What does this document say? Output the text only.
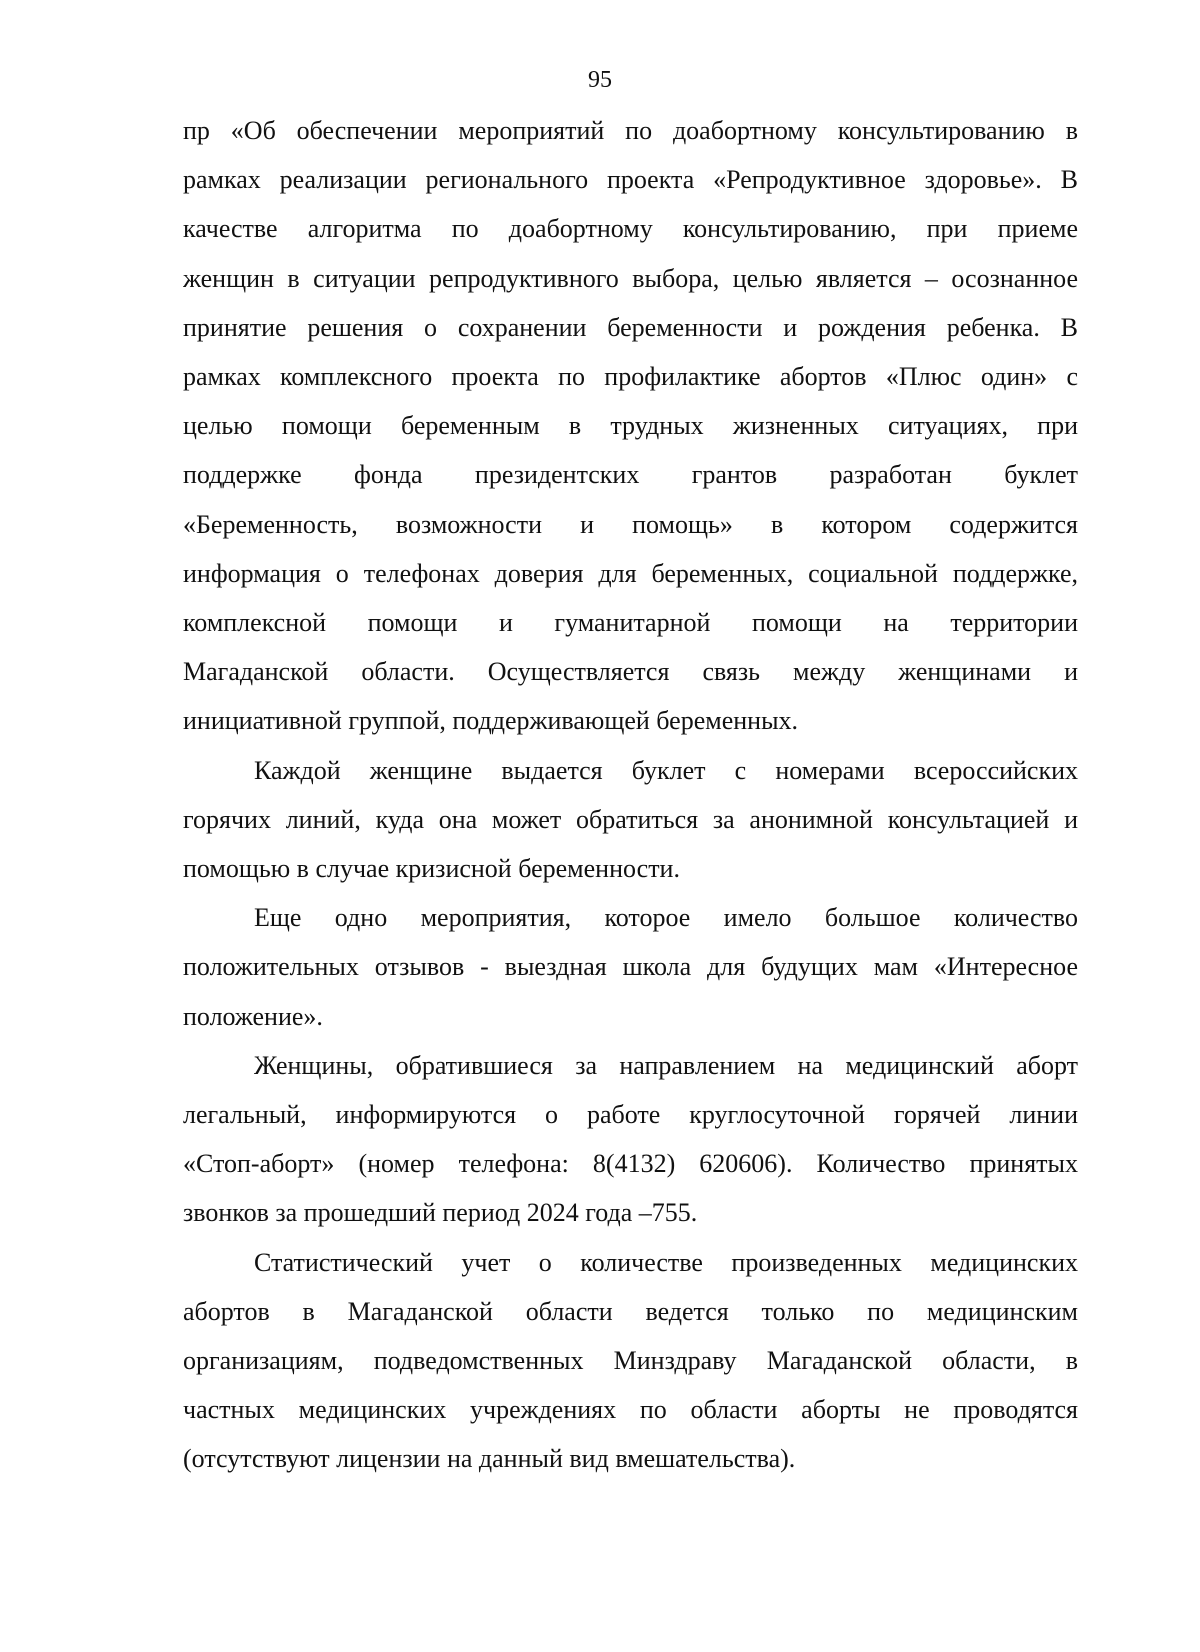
95
пр «Об обеспечении мероприятий по доабортному консультированию в
рамках реализации регионального проекта «Репродуктивное здоровье». В
качестве алгоритма по доабортному консультированию, при приеме
женщин в ситуации репродуктивного выбора, целью является – осознанное
принятие решения о сохранении беременности и рождения ребенка. В
рамках комплексного проекта по профилактике абортов «Плюс один» с
целью помощи беременным в трудных жизненных ситуациях, при
поддержке фонда президентских грантов разработан буклет
«Беременность, возможности и помощь» в котором содержится
информация о телефонах доверия для беременных, социальной поддержке,
комплексной помощи и гуманитарной помощи на территории
Магаданской области. Осуществляется связь между женщинами и
инициативной группой, поддерживающей беременных.
Каждой женщине выдается буклет с номерами всероссийских
горячих линий, куда она может обратиться за анонимной консультацией и
помощью в случае кризисной беременности.
Еще одно мероприятия, которое имело большое количество
положительных отзывов - выездная школа для будущих мам «Интересное
положение».
Женщины, обратившиеся за направлением на медицинский аборт
легальный, информируются о работе круглосуточной горячей линии
«Стоп-аборт» (номер телефона: 8(4132) 620606). Количество принятых
звонков за прошедший период 2024 года –755.
Статистический учет о количестве произведенных медицинских
абортов в Магаданской области ведется только по медицинским
организациям, подведомственных Минздраву Магаданской области, в
частных медицинских учреждениях по области аборты не проводятся
(отсутствуют лицензии на данный вид вмешательства).
